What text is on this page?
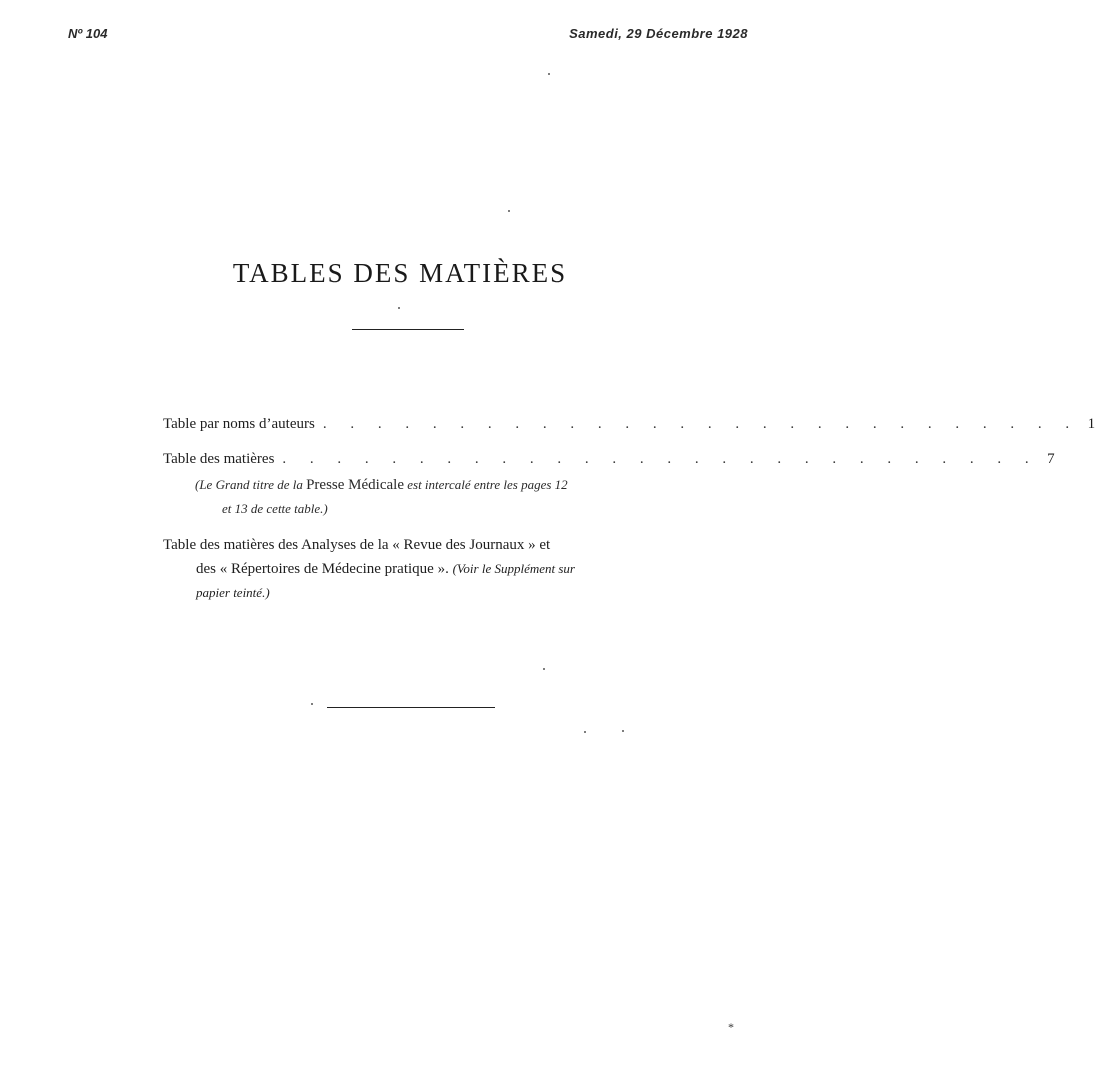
Nº 104	Samedi, 29 Décembre 1928
TABLES DES MATIÈRES
Table par noms d’auteurs . . . . . . . . . . . . . . . . . . . . . . . . . . . . 1
Table des matières . . . . . . . . . . . . . . . . . . . . . . . . . . . . 7
(Le Grand titre de la Presse Médicale est intercalé entre les pages 12
et 13 de cette table.)
Table des matières des Analyses de la « Revue des Journaux » et
des « Répertoires de Médecine pratique ». (Voir le Supplément sur
papier teinté.)
*
